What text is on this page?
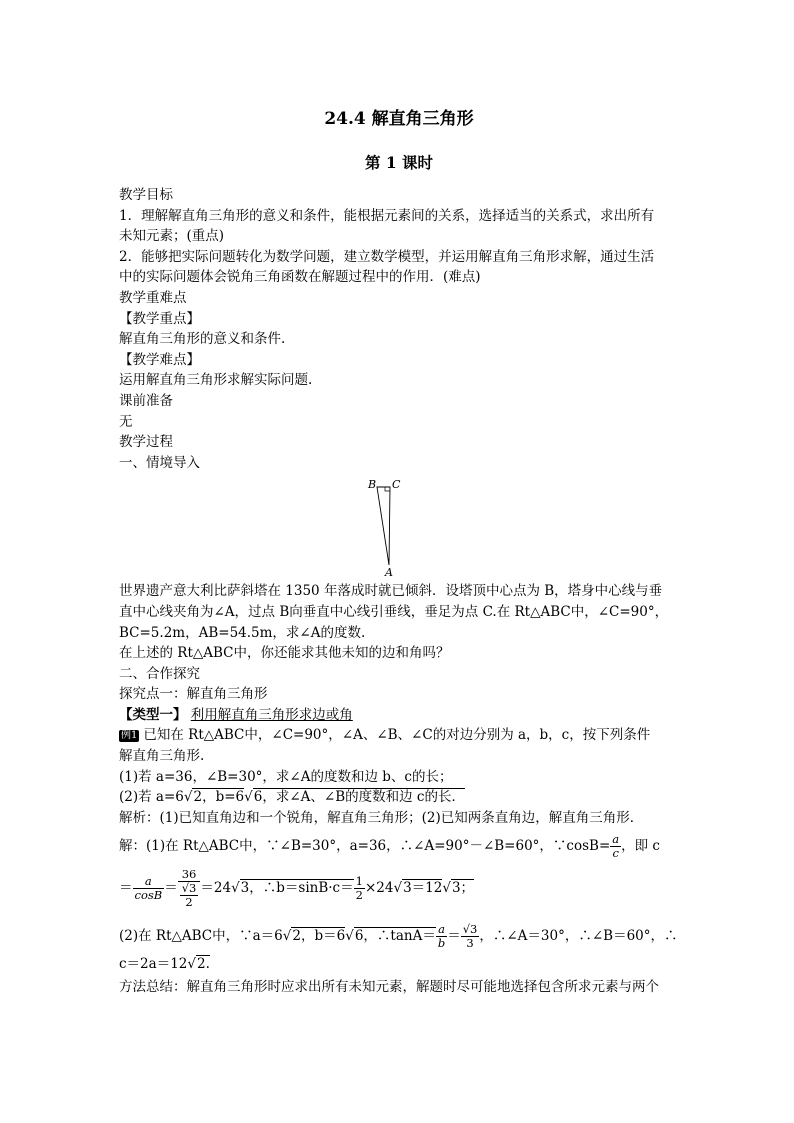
24.4 解直角三角形

第 1 课时

教学目标
1．理解解直角三角形的意义和条件，能根据元素间的关系，选择适当的关系式，求出所有
未知元素；(重点)
2．能够把实际问题转化为数学问题，建立数学模型，并运用解直角三角形求解，通过生活
中的实际问题体会锐角三角函数在解题过程中的作用．(难点)
教学重难点
【教学重点】
解直角三角形的意义和条件.
【教学难点】
运用解直角三角形求解实际问题.
课前准备
无
教学过程
一、情境导入
B C
A
世界遗产意大利比萨斜塔在 1350 年落成时就已倾斜．设塔顶中心点为 B，塔身中心线与垂
直中心线夹角为∠A，过点 B向垂直中心线引垂线，垂足为点 C.在 Rt△ABC中，∠C=90°，
BC=5.2m，AB=54.5m，求∠A的度数.
在上述的 Rt△ABC中，你还能求其他未知的边和角吗？
二、合作探究
探究点一：解直角三角形
【类型一】 利用解直角三角形求边或角
例1 已知在 Rt△ABC中，∠C=90°，∠A、∠B、∠C的对边分别为 a，b，c，按下列条件
解直角三角形.
(1)若 a=36，∠B=30°，求∠A的度数和边 b、c的长；
(2)若 a=6√2，b=6√6，求∠A、∠B的度数和边 c的长．
解析：(1)已知直角边和一个锐角，解直角三角形；(2)已知两条直角边，解直角三角形．
解：(1)在 Rt△ABC中，∵∠B=30°，a=36，∴∠A=90°－∠B=60°，∵cosB= $\frac{a}{c}$ ，即 c
＝ $\frac{a}{\cos B} = \frac{36}{\frac{√3}{2}} =24√3$，∴b＝sinB·c＝ $\frac{1}{2} \times 24√3=12√3$；
(2)在 Rt△ABC中，∵a＝6√2，b＝6√6，∴tanA＝ $\frac{a}{b} = \frac{√3}{3}$ ，∴∠A＝30°，∴∠B＝60°，∴
c＝2a＝12√2.
方法总结：解直角三角形时应求出所有未知元素，解题时尽可能地选择包含所求元素与两个
